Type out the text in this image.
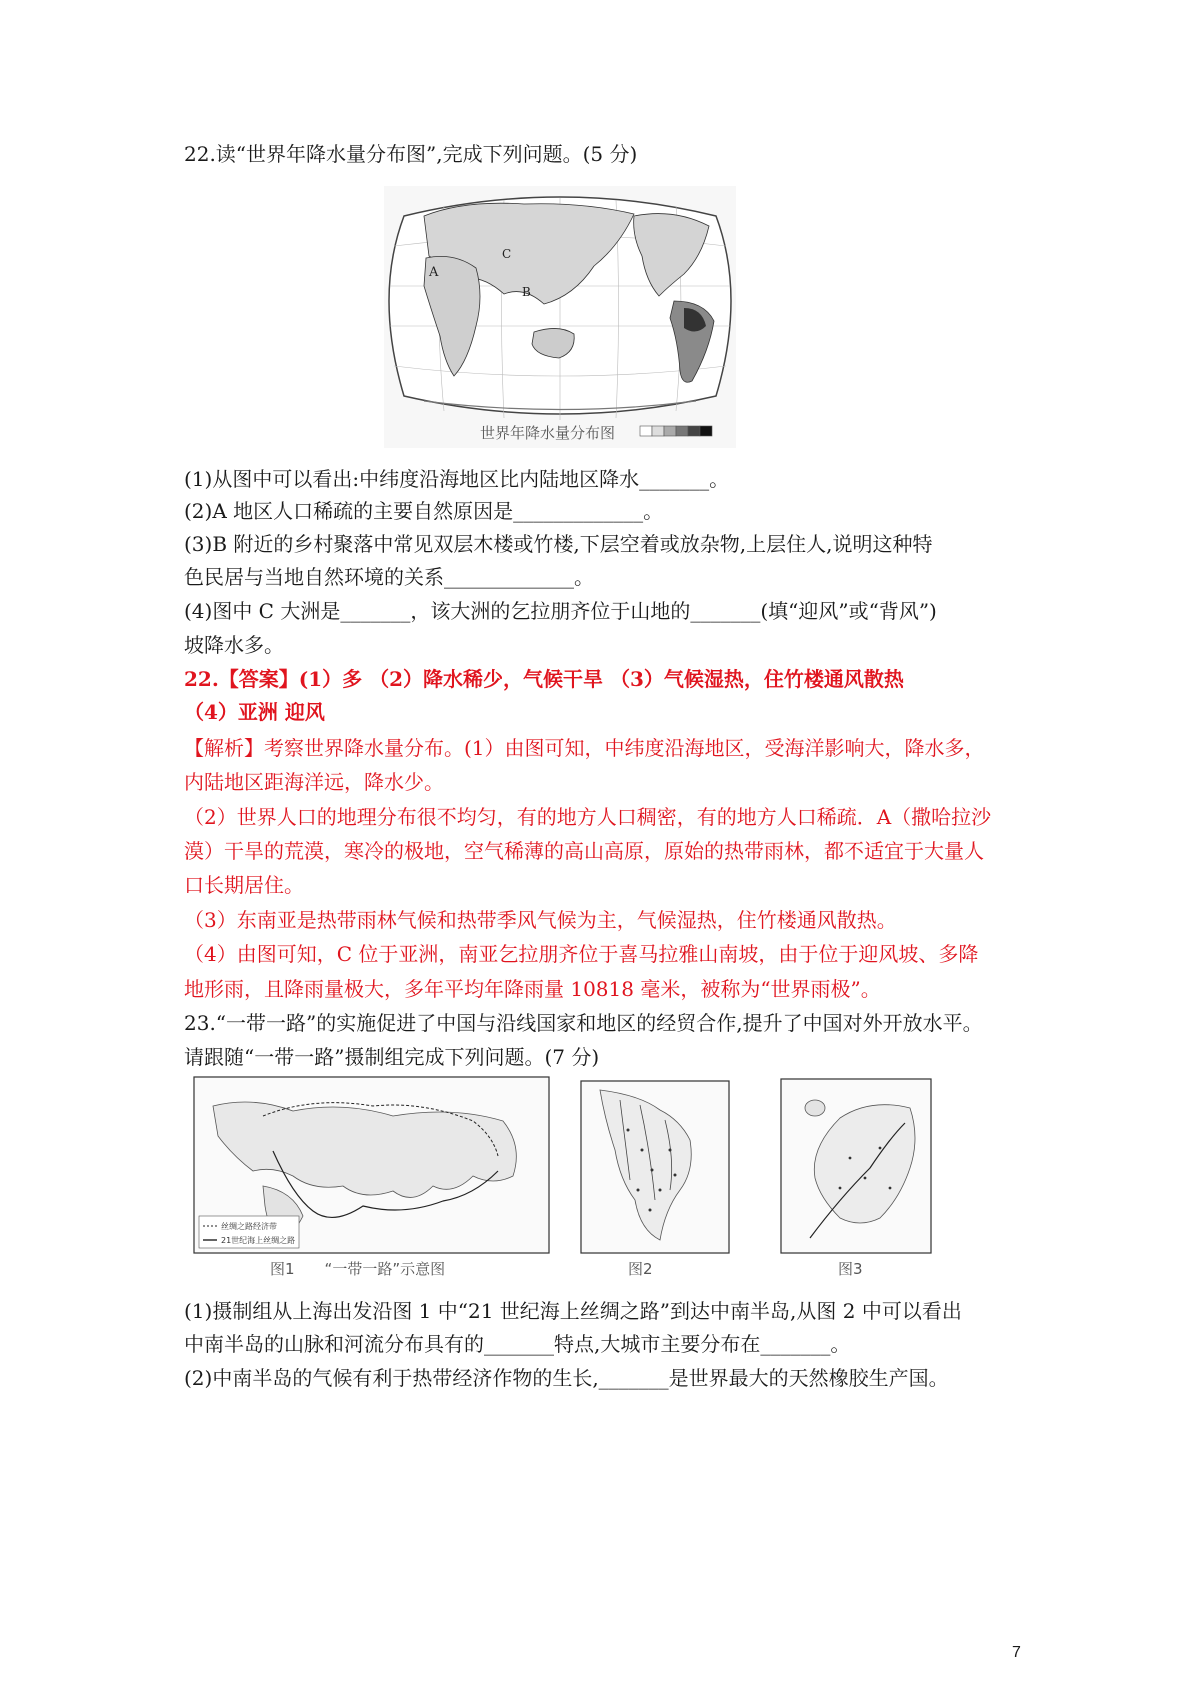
22.读“世界年降水量分布图”,完成下列问题。(5 分)
A
B
C
世界年降水量分布图
(1)从图中可以看出:中纬度沿海地区比内陆地区降水_______。
(2)A 地区人口稀疏的主要自然原因是_____________。
(3)B 附近的乡村聚落中常见双层木楼或竹楼,下层空着或放杂物,上层住人,说明这种特
色民居与当地自然环境的关系_____________。
(4)图中 C 大洲是_______，该大洲的乞拉朋齐位于山地的_______(填“迎风”或“背风”)
坡降水多。
22.【答案】(1）多 （2）降水稀少，气候干旱 （3）气候湿热，住竹楼通风散热
（4）亚洲 迎风
【解析】考察世界降水量分布。(1）由图可知，中纬度沿海地区，受海洋影响大，降水多，
内陆地区距海洋远，降水少。
（2）世界人口的地理分布很不均匀，有的地方人口稠密，有的地方人口稀疏．A（撒哈拉沙
漠）干旱的荒漠，寒冷的极地，空气稀薄的高山高原，原始的热带雨林，都不适宜于大量人
口长期居住。
（3）东南亚是热带雨林气候和热带季风气候为主，气候湿热，住竹楼通风散热。
（4）由图可知，C 位于亚洲，南亚乞拉朋齐位于喜马拉雅山南坡，由于位于迎风坡、多降
地形雨，且降雨量极大，多年平均年降雨量 10818 毫米，被称为“世界雨极”。
23.“一带一路”的实施促进了中国与沿线国家和地区的经贸合作,提升了中国对外开放水平。
请跟随“一带一路”摄制组完成下列问题。(7 分)
丝绸之路经济带
21世纪海上丝绸之路
图1　　“一带一路”示意图	图2	图3
(1)摄制组从上海出发沿图 1 中“21 世纪海上丝绸之路”到达中南半岛,从图 2 中可以看出
中南半岛的山脉和河流分布具有的_______特点,大城市主要分布在_______。
(2)中南半岛的气候有利于热带经济作物的生长,_______是世界最大的天然橡胶生产国。
7
